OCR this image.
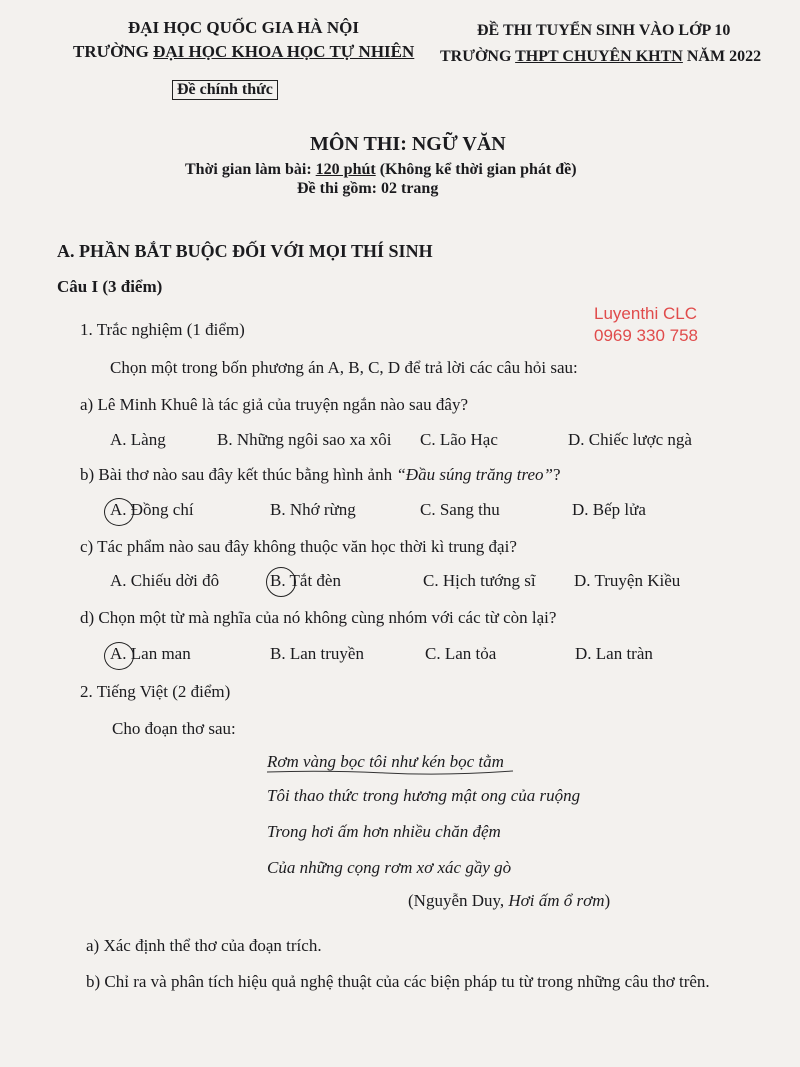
ĐẠI HỌC QUỐC GIA HÀ NỘI
TRƯỜNG ĐẠI HỌC KHOA HỌC TỰ NHIÊN
Đề chính thức
ĐỀ THI TUYỂN SINH VÀO LỚP 10
TRƯỜNG THPT CHUYÊN KHTN NĂM 2022
MÔN THI: NGỮ VĂN
Thời gian làm bài: 120 phút (Không kể thời gian phát đề)
Đề thi gồm: 02 trang
A. PHẦN BẮT BUỘC ĐỐI VỚI MỌI THÍ SINH
Câu I (3 điểm)
Luyenthi CLC
0969 330 758
1. Trắc nghiệm (1 điểm)
Chọn một trong bốn phương án A, B, C, D để trả lời các câu hỏi sau:
a) Lê Minh Khuê là tác giả của truyện ngắn nào sau đây?
A. Làng	B. Những ngôi sao xa xôi C. Lão Hạc	D. Chiếc lược ngà
b) Bài thơ nào sau đây kết thúc bằng hình ảnh “Đầu súng trăng treo”?
A. Đồng chí	B. Nhớ rừng	C. Sang thu	D. Bếp lửa
c) Tác phẩm nào sau đây không thuộc văn học thời kì trung đại?
A. Chiếu dời đô	B. Tắt đèn	C. Hịch tướng sĩ D. Truyện Kiều
d) Chọn một từ mà nghĩa của nó không cùng nhóm với các từ còn lại?
A. Lan man	B. Lan truyền	C. Lan tỏa	D. Lan tràn
2. Tiếng Việt (2 điểm)
Cho đoạn thơ sau:
Rơm vàng bọc tôi như kén bọc tằm
Tôi thao thức trong hương mật ong của ruộng
Trong hơi ấm hơn nhiều chăn đệm
Của những cọng rơm xơ xác gầy gò
(Nguyễn Duy, Hơi ấm ổ rơm)
a) Xác định thể thơ của đoạn trích.
b) Chỉ ra và phân tích hiệu quả nghệ thuật của các biện pháp tu từ trong những câu thơ trên.
